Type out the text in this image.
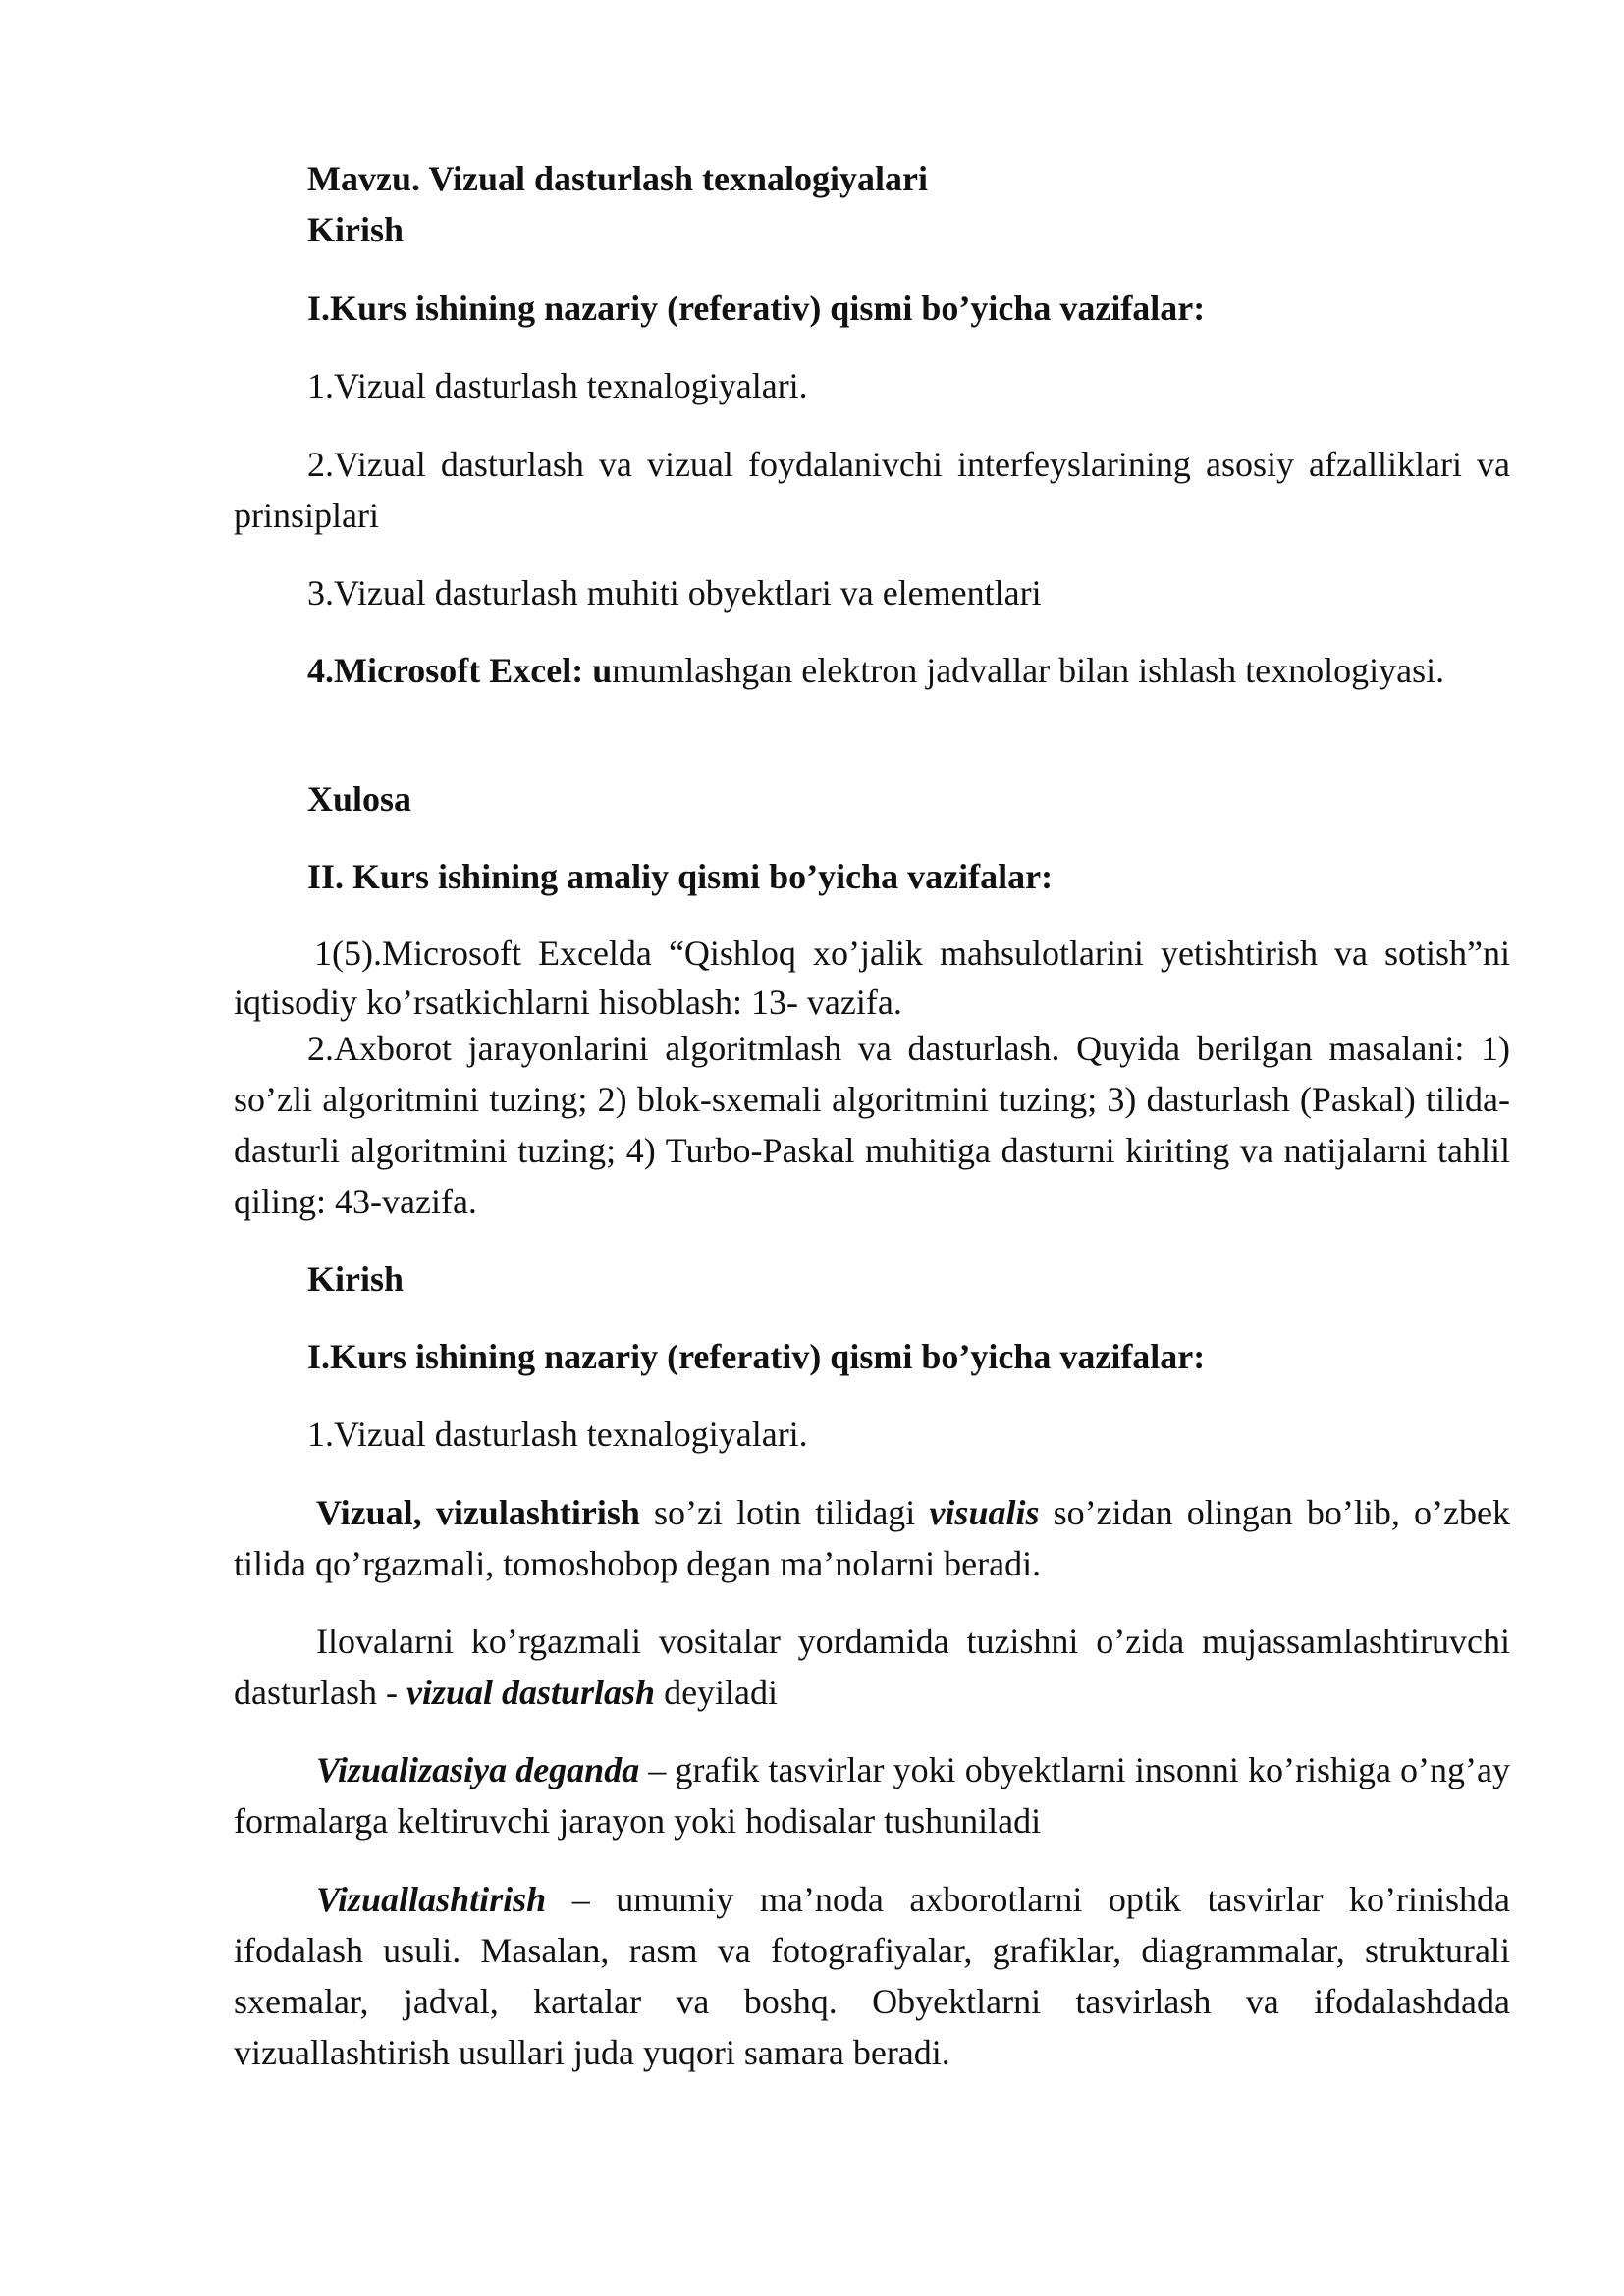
Mavzu. Vizual dasturlash texnalogiyalari

Kirish

I.Kurs ishining nazariy (referativ) qismi bo’yicha vazifalar:

1.Vizual dasturlash texnalogiyalari.

2.Vizual dasturlash va vizual foydalanivchi interfeyslarining asosiy afzalliklari va prinsiplari

3.Vizual dasturlash muhiti obyektlari va elementlari

4.Microsoft Excel: umumlashgan elektron jadvallar bilan ishlash texnologiyasi.

Xulosa

II. Kurs ishining amaliy qismi bo’yicha vazifalar:

1(5).Microsoft Excelda “Qishloq xo’jalik mahsulotlarini yetishtirish va sotish”ni iqtisodiy ko’rsatkichlarni hisoblash: 13- vazifa.

2.Axborot jarayonlarini algoritmlash va dasturlash. Quyida berilgan masalani: 1) so’zli algoritmini tuzing; 2) blok-sxemali algoritmini tuzing; 3) dasturlash (Paskal) tilida-dasturli algoritmini tuzing; 4) Turbo-Paskal muhitiga dasturni kiriting va natijalarni tahlil qiling: 43-vazifa.

Kirish

I.Kurs ishining nazariy (referativ) qismi bo’yicha vazifalar:

1.Vizual dasturlash texnalogiyalari.

Vizual, vizulashtirish so’zi lotin tilidagi visualis so’zidan olingan bo’lib, o’zbek tilida qo’rgazmali, tomoshobop degan ma’nolarni beradi.

Ilovalarni ko’rgazmali vositalar yordamida tuzishni o’zida mujassamlashtiruvchi dasturlash - vizual dasturlash deyiladi

Vizualizasiya deganda – grafik tasvirlar yoki obyektlarni insonni ko’rishiga o’ng’ay formalarga keltiruvchi jarayon yoki hodisalar tushuniladi

Vizuallashtirish – umumiy ma’noda axborotlarni optik tasvirlar ko’rinishda ifodalash usuli. Masalan, rasm va fotografiyalar, grafiklar, diagrammalar, strukturali sxemalar, jadval, kartalar va boshq. Obyektlarni tasvirlash va ifodalashdada vizuallashtirish usullari juda yuqori samara beradi.
